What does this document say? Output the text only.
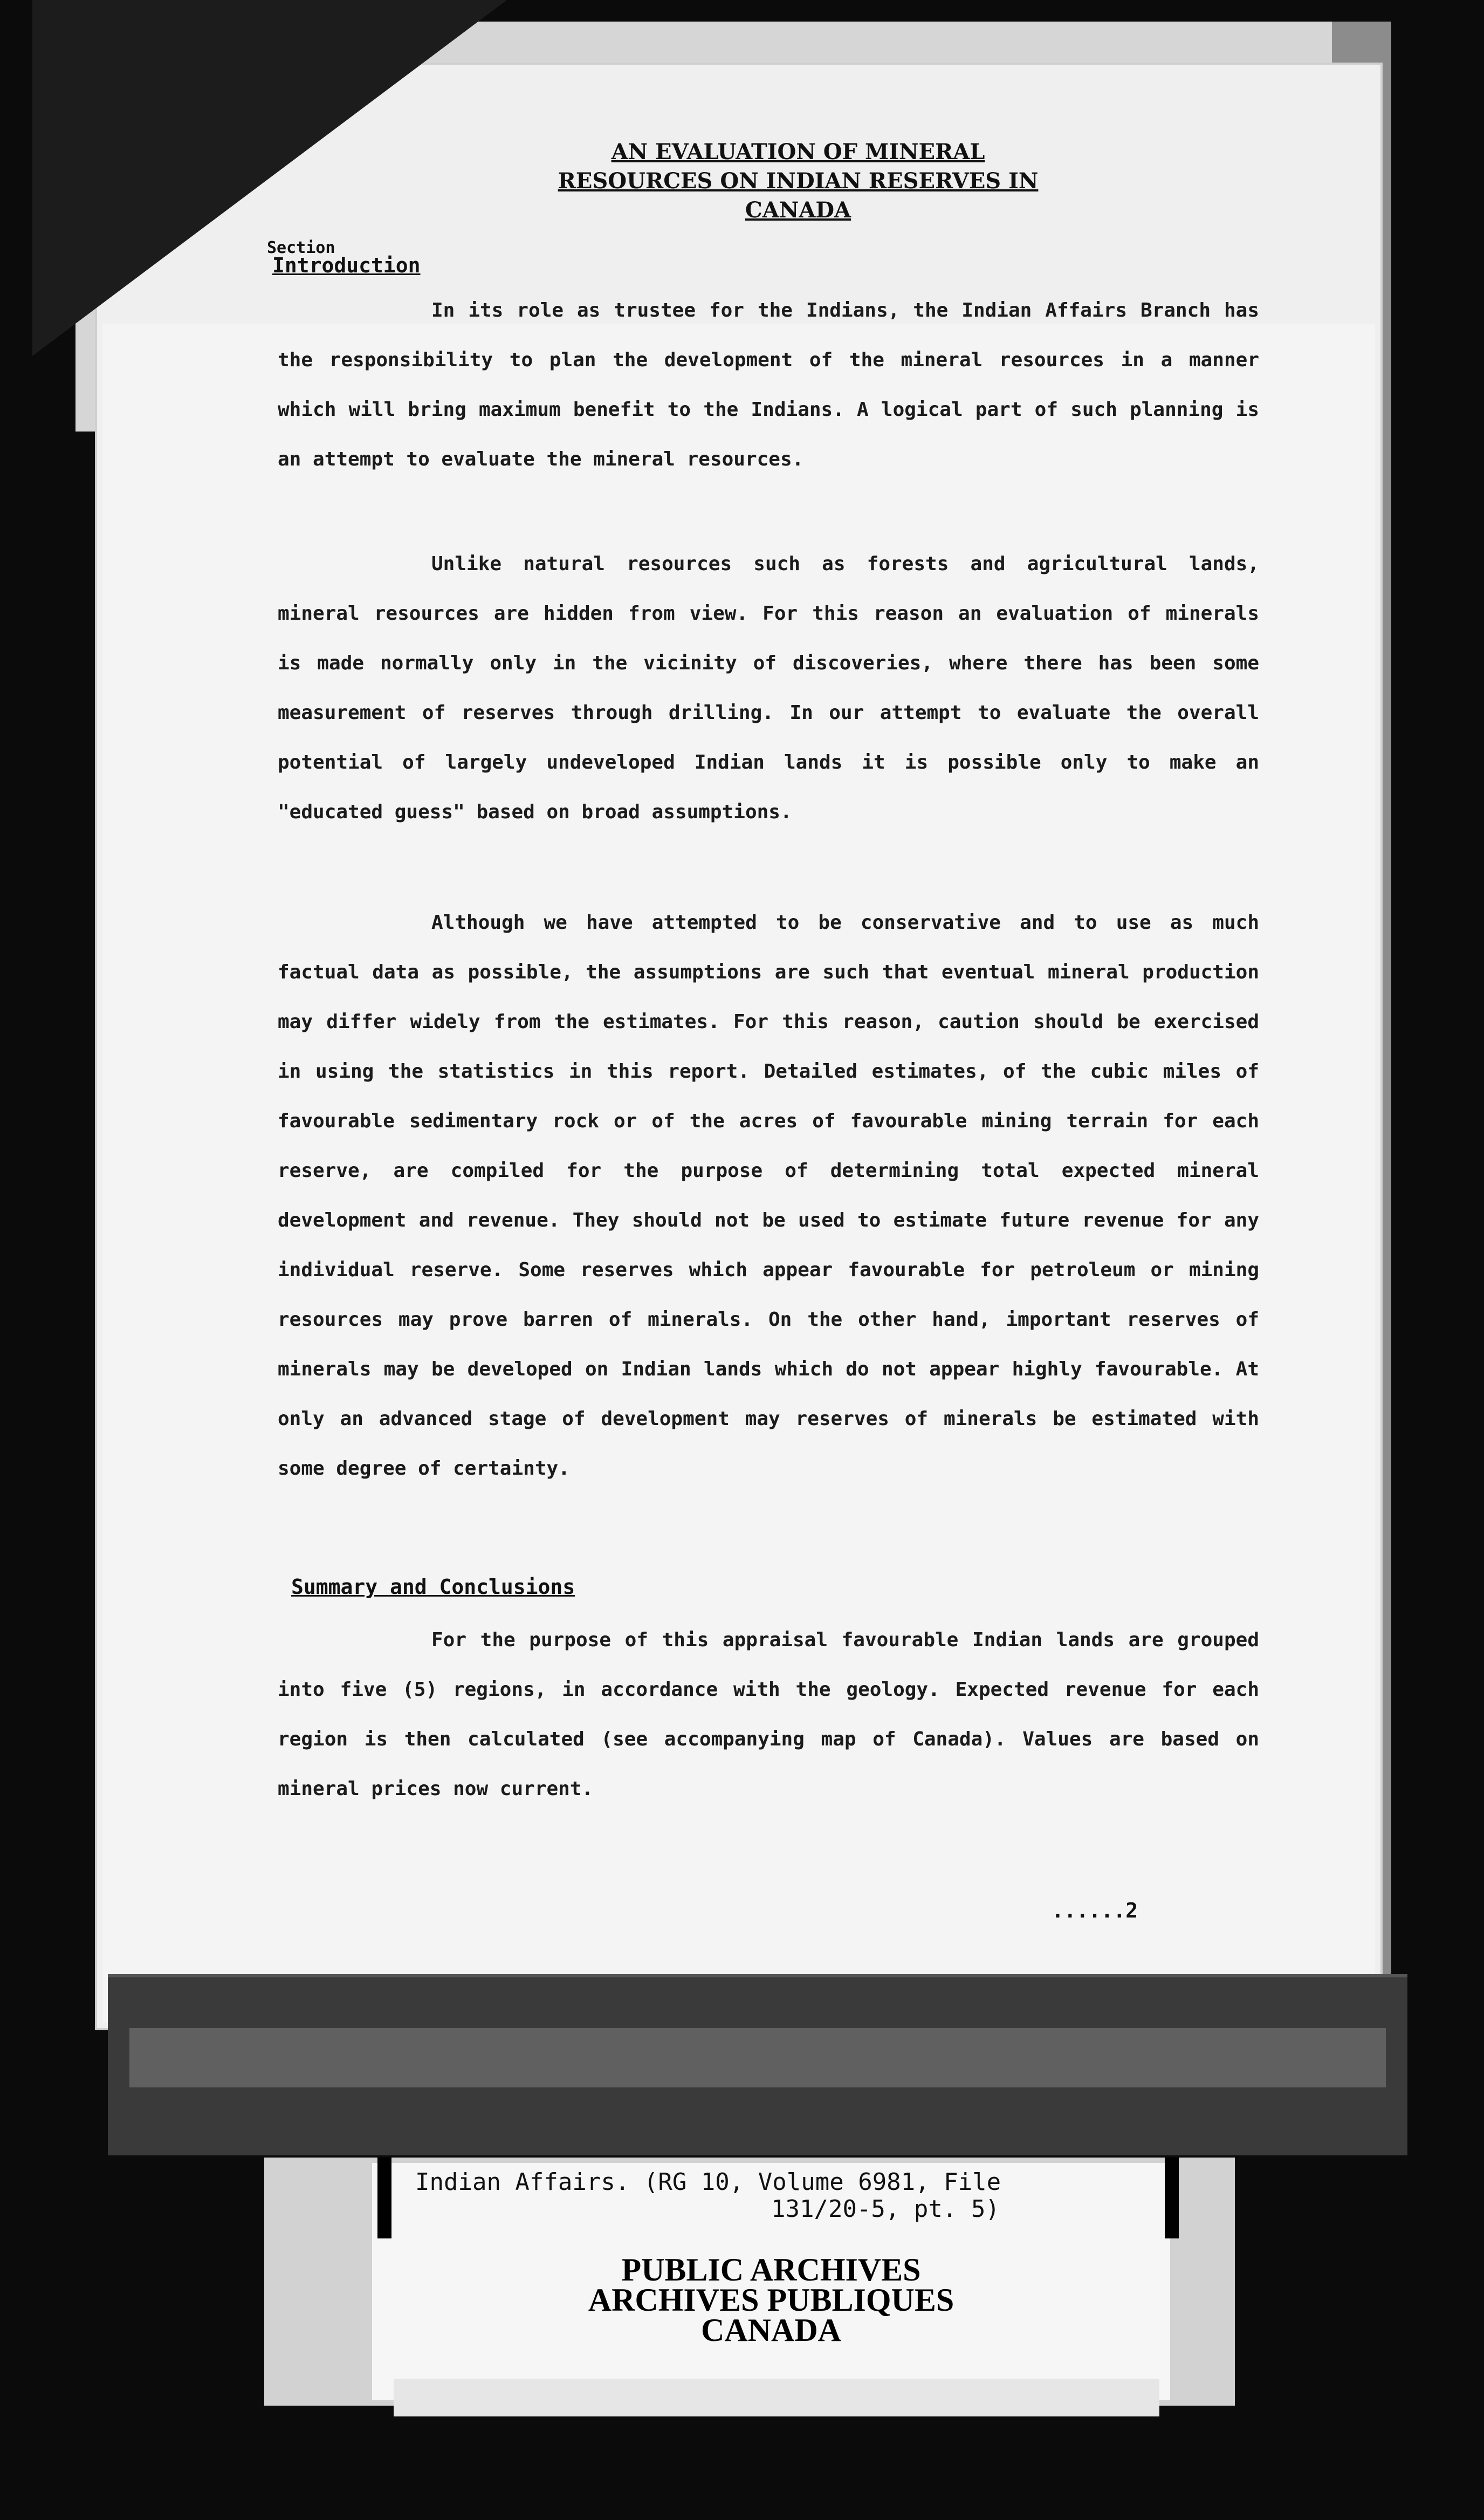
AN EVALUATION OF MINERAL
RESOURCES ON INDIAN RESERVES IN CANADA
Section
Introduction
In its role as trustee for the Indians, the Indian Affairs Branch has the responsibility to plan the development of the mineral resources in a manner which will bring maximum benefit to the Indians. A logical part of such planning is an attempt to evaluate the mineral resources.
Unlike natural resources such as forests and agricultural lands, mineral resources are hidden from view. For this reason an evaluation of minerals is made normally only in the vicinity of discoveries, where there has been some measurement of reserves through drilling. In our attempt to evaluate the overall potential of largely undeveloped Indian lands it is possible only to make an "educated guess" based on broad assumptions.
Although we have attempted to be conservative and to use as much factual data as possible, the assumptions are such that eventual mineral production may differ widely from the estimates. For this reason, caution should be exercised in using the statistics in this report. Detailed estimates, of the cubic miles of favourable sedimentary rock or of the acres of favourable mining terrain for each reserve, are compiled for the purpose of determining total expected mineral development and revenue. They should not be used to estimate future revenue for any individual reserve. Some reserves which appear favourable for petroleum or mining resources may prove barren of minerals. On the other hand, important reserves of minerals may be developed on Indian lands which do not appear highly favourable. At only an advanced stage of development may reserves of minerals be estimated with some degree of certainty.
Summary and Conclusions
For the purpose of this appraisal favourable Indian lands are grouped into five (5) regions, in accordance with the geology. Expected revenue for each region is then calculated (see accompanying map of Canada). Values are based on mineral prices now current.
......2
Indian Affairs. (RG 10, Volume 6981, File
131/20-5, pt. 5)
PUBLIC ARCHIVES
ARCHIVES PUBLIQUES
CANADA
